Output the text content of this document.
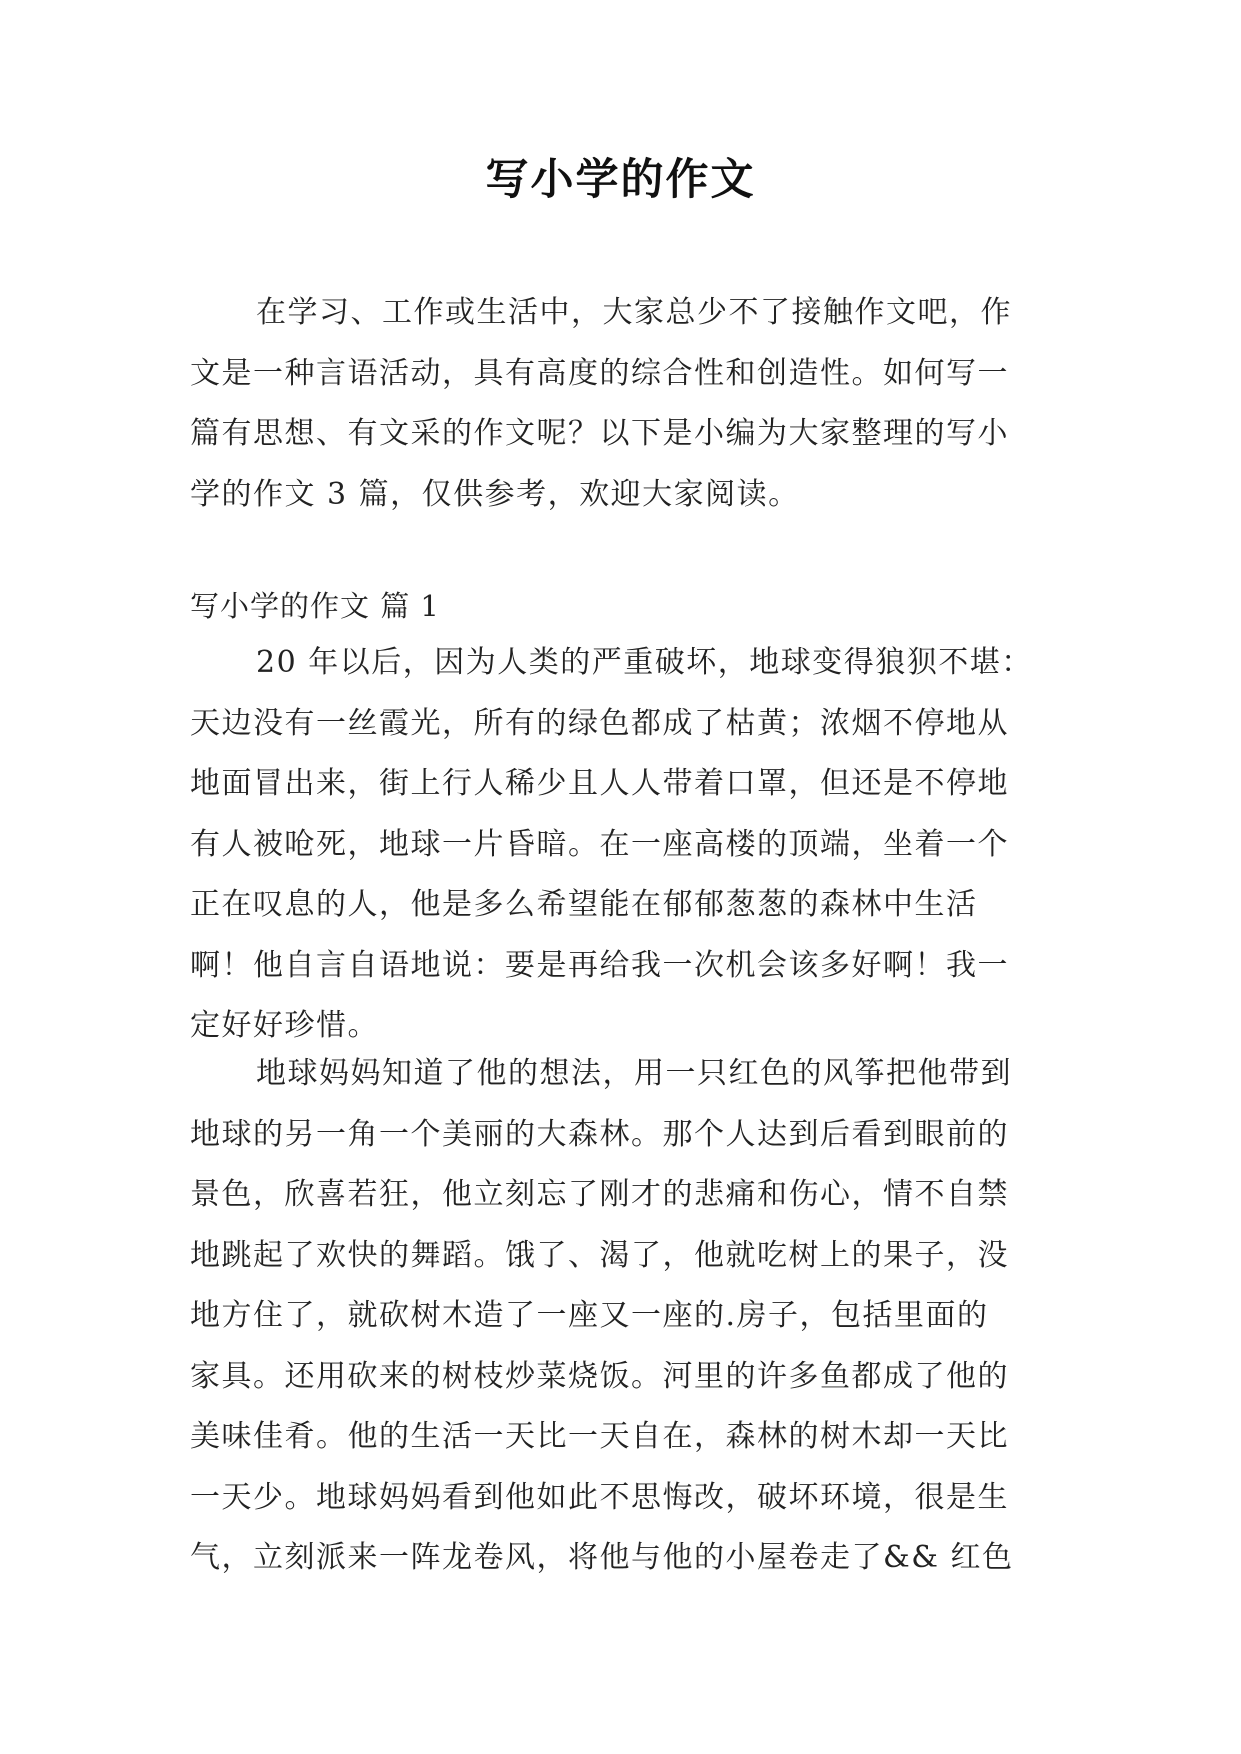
写小学的作文
在学习、工作或生活中，大家总少不了接触作文吧，作
文是一种言语活动，具有高度的综合性和创造性。如何写一
篇有思想、有文采的作文呢？以下是小编为大家整理的写小
学的作文 3 篇，仅供参考，欢迎大家阅读。
写小学的作文 篇 1
20 年以后，因为人类的严重破坏，地球变得狼狈不堪：
天边没有一丝霞光，所有的绿色都成了枯黄；浓烟不停地从
地面冒出来，街上行人稀少且人人带着口罩，但还是不停地
有人被呛死，地球一片昏暗。在一座高楼的顶端，坐着一个
正在叹息的人，他是多么希望能在郁郁葱葱的森林中生活
啊！他自言自语地说：要是再给我一次机会该多好啊！我一
定好好珍惜。
地球妈妈知道了他的想法，用一只红色的风筝把他带到
地球的另一角一个美丽的大森林。那个人达到后看到眼前的
景色，欣喜若狂，他立刻忘了刚才的悲痛和伤心，情不自禁
地跳起了欢快的舞蹈。饿了、渴了，他就吃树上的果子，没
地方住了，就砍树木造了一座又一座的.房子，包括里面的
家具。还用砍来的树枝炒菜烧饭。河里的许多鱼都成了他的
美味佳肴。他的生活一天比一天自在，森林的树木却一天比
一天少。地球妈妈看到他如此不思悔改，破坏环境，很是生
气，立刻派来一阵龙卷风，将他与他的小屋卷走了&& 红色
